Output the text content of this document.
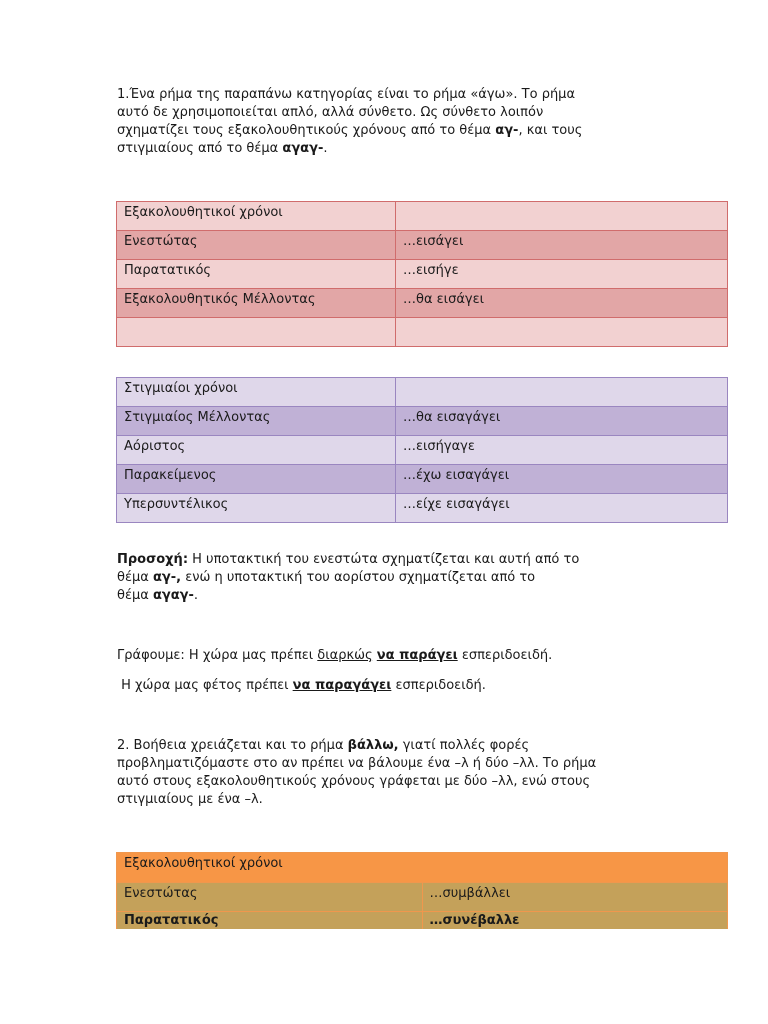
1.Ένα ρήμα της παραπάνω κατηγορίας είναι το ρήμα «άγω». Το ρήμα

αυτό δε χρησιμοποιείται απλό, αλλά σύνθετο. Ως σύνθετο λοιπόν

σχηματίζει τους εξακολουθητικούς χρόνους από το θέμα αγ-, και τους

στιγμιαίους από το θέμα αγαγ-.

Εξακολουθητικοί χρόνοι	
Ενεστώτας	…εισάγει
Παρατατικός	…εισήγε
Εξακολουθητικός Μέλλοντας	…θα εισάγει

Στιγμιαίοι χρόνοι	
Στιγμιαίος Μέλλοντας	…θα εισαγάγει
Αόριστος	…εισήγαγε
Παρακείμενος	…έχω εισαγάγει
Υπερσυντέλικος	…είχε εισαγάγει

Προσοχή: Η υποτακτική του ενεστώτα σχηματίζεται και αυτή από το

θέμα αγ-, ενώ η υποτακτική του αορίστου σχηματίζεται από το

θέμα αγαγ-.

Γράφουμε: Η χώρα μας πρέπει διαρκώς να παράγει εσπεριδοειδή.

Η χώρα μας φέτος πρέπει να παραγάγει εσπεριδοειδή.

2. Βοήθεια χρειάζεται και το ρήμα βάλλω, γιατί πολλές φορές

προβληματιζόμαστε στο αν πρέπει να βάλουμε ένα –λ ή δύο –λλ. Το ρήμα

αυτό στους εξακολουθητικούς χρόνους γράφεται με δύο –λλ, ενώ στους

στιγμιαίους με ένα –λ.

Εξακολουθητικοί χρόνοι	
Ενεστώτας	…συμβάλλει
Παρατατικός	…συνέβαλλε
